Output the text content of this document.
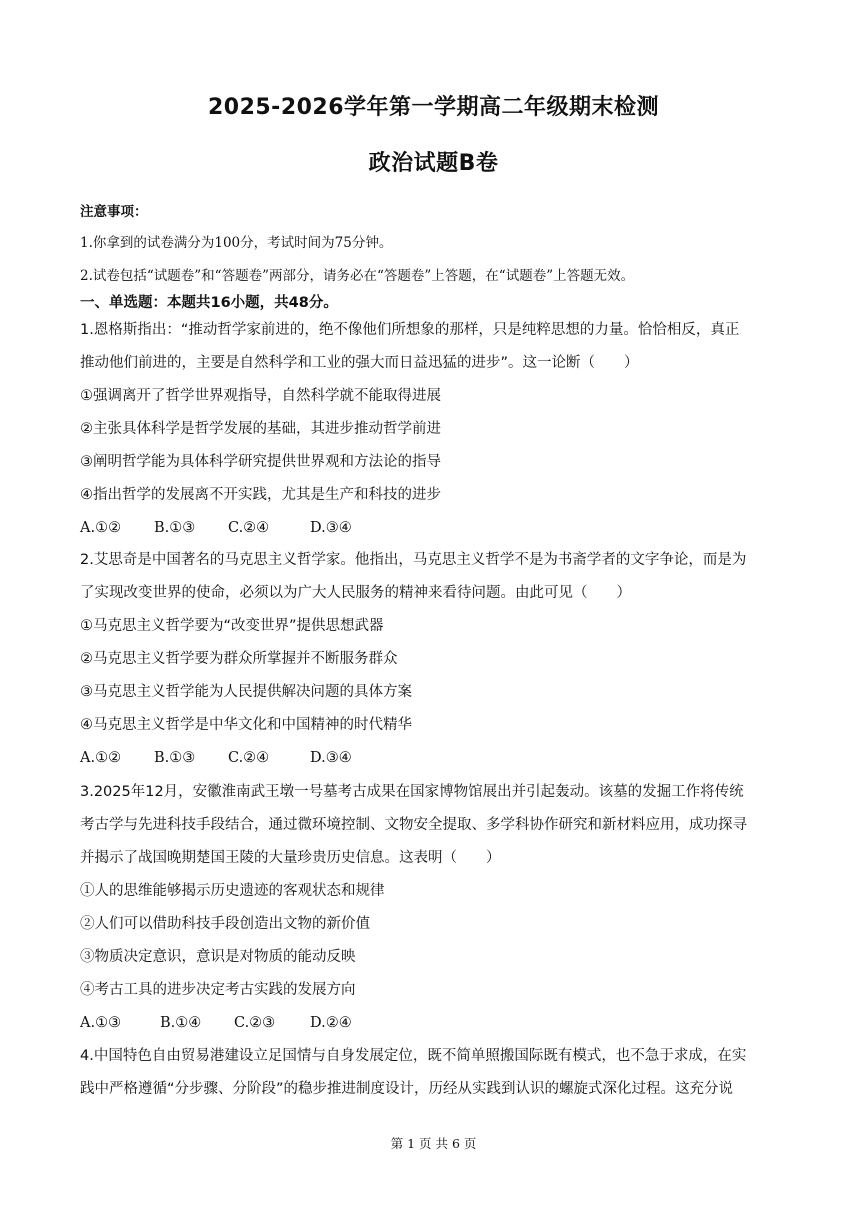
2025-2026学年第一学期高二年级期末检测
政治试题B卷
注意事项：
1.你拿到的试卷满分为100分，考试时间为75分钟。
2.试卷包括“试题卷”和“答题卷”两部分，请务必在“答题卷”上答题，在“试题卷”上答题无效。
一、单选题：本题共16小题，共48分。
1.恩格斯指出：“推动哲学家前进的，绝不像他们所想象的那样，只是纯粹思想的力量。恰恰相反，真正
推动他们前进的，主要是自然科学和工业的强大而日益迅猛的进步”。这一论断（　　）
①强调离开了哲学世界观指导，自然科学就不能取得进展
②主张具体科学是哲学发展的基础，其进步推动哲学前进
③阐明哲学能为具体科学研究提供世界观和方法论的指导
④指出哲学的发展离不开实践，尤其是生产和科技的进步
A.①② B.①③ C.②④	D.③④
2.艾思奇是中国著名的马克思主义哲学家。他指出，马克思主义哲学不是为书斋学者的文字争论，而是为
了实现改变世界的使命，必须以为广大人民服务的精神来看待问题。由此可见（　　）
①马克思主义哲学要为“改变世界”提供思想武器
②马克思主义哲学要为群众所掌握并不断服务群众
③马克思主义哲学能为人民提供解决问题的具体方案
④马克思主义哲学是中华文化和中国精神的时代精华
A.①② B.①③ C.②④	D.③④
3.2025年12月，安徽淮南武王墩一号墓考古成果在国家博物馆展出并引起轰动。该墓的发掘工作将传统
考古学与先进科技手段结合，通过微环境控制、文物安全提取、多学科协作研究和新材料应用，成功探寻
并揭示了战国晚期楚国王陵的大量珍贵历史信息。这表明（　　）
①人的思维能够揭示历史遗迹的客观状态和规律
②人们可以借助科技手段创造出文物的新价值
③物质决定意识，意识是对物质的能动反映
④考古工具的进步决定考古实践的发展方向
A.①③	B.①④ C.②③ D.②④
4.中国特色自由贸易港建设立足国情与自身发展定位，既不简单照搬国际既有模式，也不急于求成，在实
践中严格遵循“分步骤、分阶段”的稳步推进制度设计，历经从实践到认识的螺旋式深化过程。这充分说
第 1 页 共 6 页
